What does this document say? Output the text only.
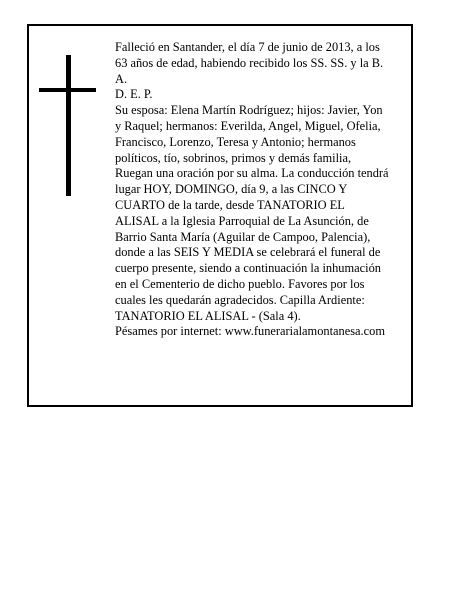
Falleció en Santander, el día 7 de junio de 2013, a los 63 años de edad, habiendo recibido los SS. SS. y la B. A.

D. E. P.

Su esposa: Elena Martín Rodríguez; hijos: Javier, Yon y Raquel; hermanos: Everilda, Angel, Miguel, Ofelia, Francisco, Lorenzo, Teresa y Antonio; hermanos políticos, tío, sobrinos, primos y demás familia, Ruegan una oración por su alma. La conducción tendrá lugar HOY, DOMINGO, día 9, a las CINCO Y CUARTO de la tarde, desde TANATORIO EL ALISAL a la Iglesia Parroquial de La Asunción, de Barrio Santa María (Aguilar de Campoo, Palencia), donde a las SEIS Y MEDIA se celebrará el funeral de cuerpo presente, siendo a continuación la inhumación en el Cementerio de dicho pueblo. Favores por los cuales les quedarán agradecidos. Capilla Ardiente: TANATORIO EL ALISAL - (Sala 4).

Pésames por internet: www.funerarialamontanesa.com
